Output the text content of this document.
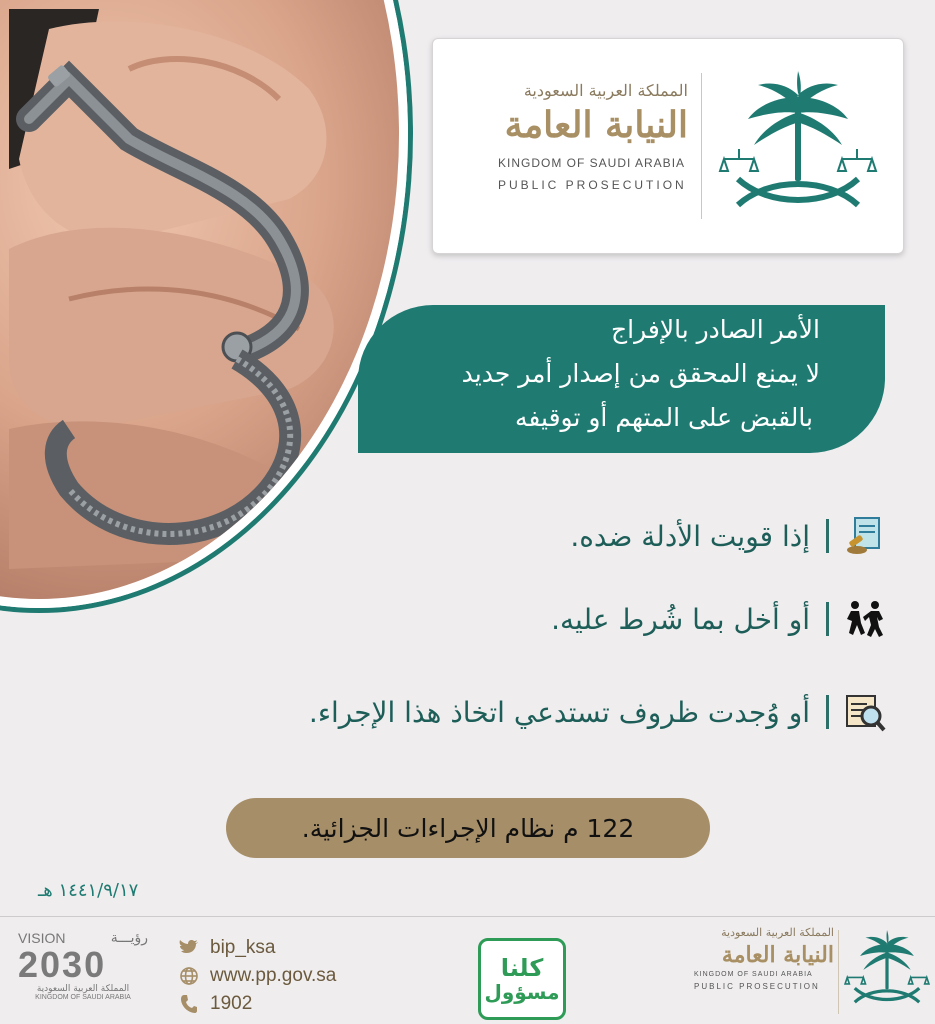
المملكة العربية السعودية
النيابة العامة
KINGDOM OF SAUDI ARABIA
PUBLIC PROSECUTION
الأمر الصادر بالإفراج
لا يمنع المحقق من إصدار أمر جديد
بالقبض على المتهم أو توقيفه
إذا قويت الأدلة ضده.
أو أخل بما شُرط عليه.
أو وُجدت ظروف تستدعي اتخاذ هذا الإجراء.
122 م نظام الإجراءات الجزائية.
١٤٤١/٩/١٧ هـ
VISION	رؤيـــة
2030
المملكة العربية السعودية
KINGDOM OF SAUDI ARABIA
bip_ksa
www.pp.gov.sa
1902
كلنا
مسؤول
المملكة العربية السعودية
النيابة العامة
KINGDOM OF SAUDI ARABIA
PUBLIC PROSECUTION
